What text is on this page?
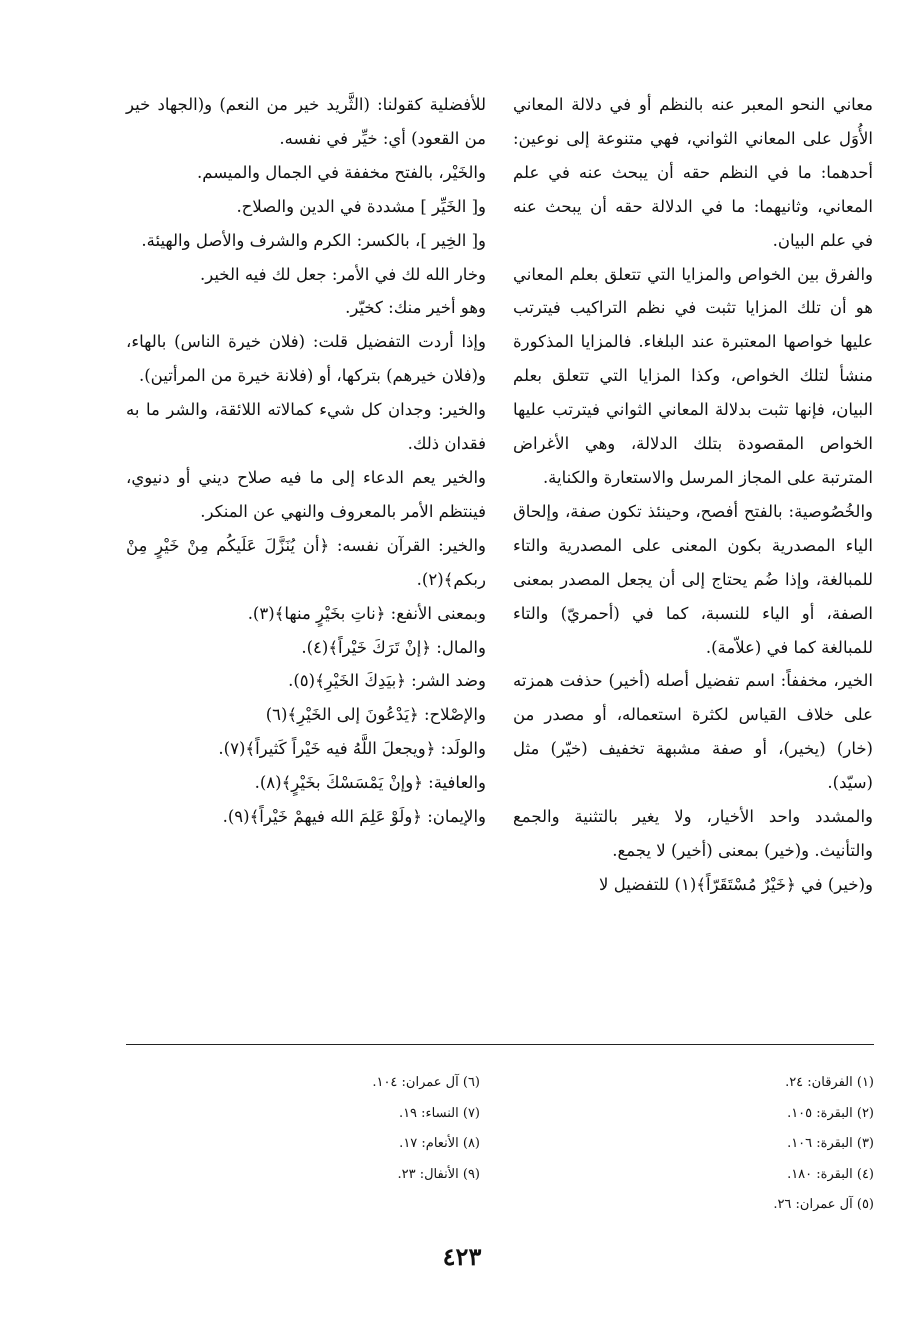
معاني النحو المعبر عنه بالنظم أو في دلالة المعاني الأُوَل على المعاني الثواني، فهي متنوعة إلى نوعين: أحدهما: ما في النظم حقه أن يبحث عنه في علم المعاني، وثانيهما: ما في الدلالة حقه أن يبحث عنه في علم البيان.

والفرق بين الخواص والمزايا التي تتعلق بعلم المعاني هو أن تلك المزايا تثبت في نظم التراكيب فيترتب عليها خواصها المعتبرة عند البلغاء. فالمزايا المذكورة منشأ لتلك الخواص، وكذا المزايا التي تتعلق بعلم البيان، فإنها تثبت بدلالة المعاني الثواني فيترتب عليها الخواص المقصودة بتلك الدلالة، وهي الأغراض المترتبة على المجاز المرسل والاستعارة والكناية.

والخُصُوصية: بالفتح أفصح، وحينئذ تكون صفة، وإلحاق الياء المصدرية بكون المعنى على المصدرية والتاء للمبالغة، وإذا ضُم يحتاج إلى أن يجعل المصدر بمعنى الصفة، أو الياء للنسبة، كما في (أحمريّ) والتاء للمبالغة كما في (علاّمة).

الخير، مخففاً: اسم تفضيل أصله (أخير) حذفت همزته على خلاف القياس لكثرة استعماله، أو مصدر من (خار) (يخير)، أو صفة مشبهة تخفيف (خيّر) مثل (سيّد).

والمشدد واحد الأخيار، ولا يغير بالتثنية والجمع والتأنيث. و(خير) بمعنى (أخير) لا يجمع.

و(خير) في ﴿خَيْرٌ مُسْتَقَرّاً﴾(١) للتفضيل لا

للأفضلية كقولنا: (الثَّريد خير من النعم) و(الجهاد خير من القعود) أي: خيِّر في نفسه.

والخَيْر، بالفتح مخففة في الجمال والميسم.

و[ الخَيِّر ] مشددة في الدين والصلاح.

و[ الخِير ]، بالكسر: الكرم والشرف والأصل والهيئة.

وخار الله لك في الأمر: جعل لك فيه الخير.

وهو أخير منك: كخيّر.

وإذا أردت التفضيل قلت: (فلان خيرة الناس) بالهاء، و(فلان خيرهم) بتركها، أو (فلانة خيرة من المرأتين).

والخير: وجدان كل شيء كمالاته اللائقة، والشر ما به فقدان ذلك.

والخير يعم الدعاء إلى ما فيه صلاح ديني أو دنيوي، فينتظم الأمر بالمعروف والنهي عن المنكر.

والخير: القرآن نفسه: ﴿أن يُنَزَّلَ عَلَيكُم مِنْ خَيْرٍ مِنْ ربكم﴾(٢).

وبمعنى الأنفع: ﴿ناتِ بخَيْرٍ منها﴾(٣).

والمال: ﴿إنْ تَرَكَ خَيْراً﴾(٤).

وضد الشر: ﴿بيَدِكَ الخَيْرِ﴾(٥).

والإصْلاح: ﴿يَدْعُونَ إلى الخَيْرِ﴾(٦)

والولَد: ﴿ويجعلَ اللَّهُ فيه خَيْراً كَثيراً﴾(٧).

والعافية: ﴿وإنْ يَمْسَسْكَ بخَيْرٍ﴾(٨).

والإيمان: ﴿ولَوْ عَلِمَ الله فيهمْ خَيْراً﴾(٩).

(١) الفرقان: ٢٤.
(٢) البقرة: ١٠٥.
(٣) البقرة: ١٠٦.
(٤) البقرة: ١٨٠.
(٥) آل عمران: ٢٦.
(٦) آل عمران: ١٠٤.
(٧) النساء: ١٩.
(٨) الأنعام: ١٧.
(٩) الأنفال: ٢٣.
٤٢٣
